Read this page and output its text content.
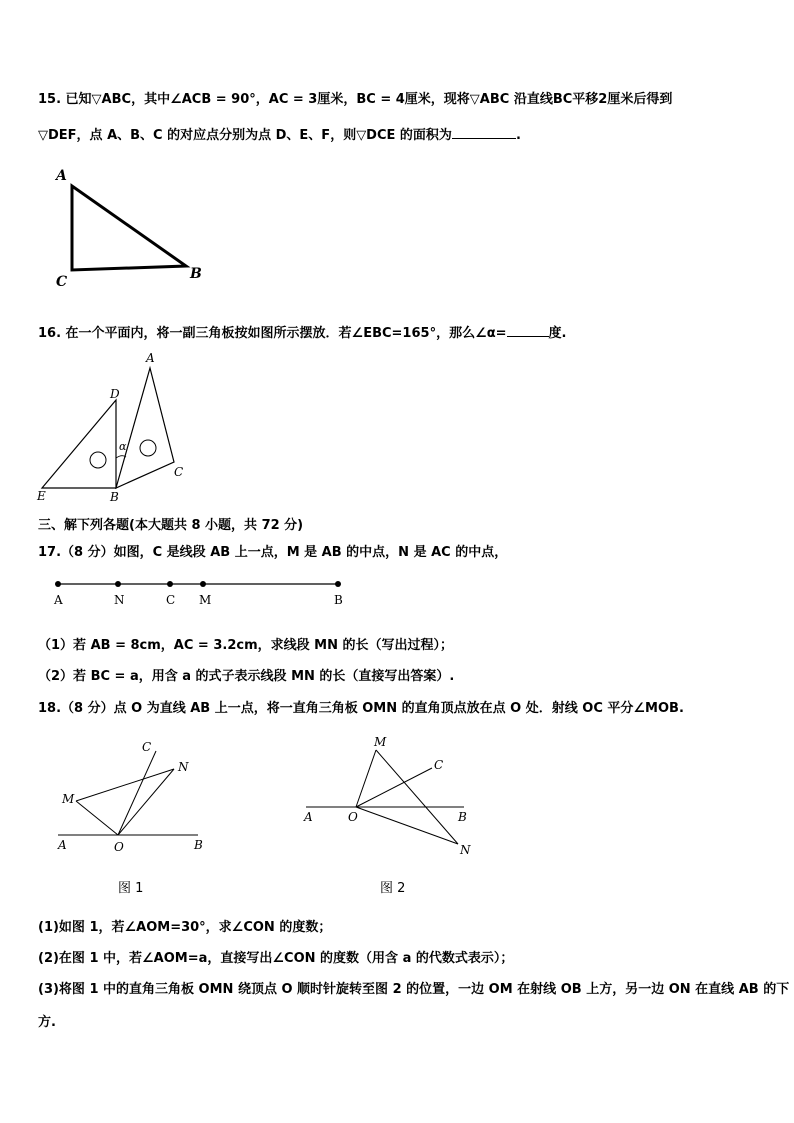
15. 已知▽ABC，其中∠ACB = 90°，AC = 3厘米，BC = 4厘米，现将▽ABC 沿直线BC平移2厘米后得到
▽DEF，点 A、B、C 的对应点分别为点 D、E、F，则▽DCE 的面积为	.
A
C	B
16. 在一个平面内，将一副三角板按如图所示摆放．若∠EBC=165°，那么∠α=	度.
A
D
α
C
E	B
三、解下列各题(本大题共 8 小题，共 72 分)
17.（8 分）如图，C 是线段 AB 上一点，M 是 AB 的中点，N 是 AC 的中点，
A	N	C M	B
（1）若 AB = 8cm，AC = 3.2cm，求线段 MN 的长（写出过程）；
（2）若 BC = a，用含 a 的式子表示线段 MN 的长（直接写出答案）.
18.（8 分）点 O 为直线 AB 上一点，将一直角三角板 OMN 的直角顶点放在点 O 处．射线 OC 平分∠MOB.
C
N
M
A	O	B
图 1
M
C
A	O	B
N
图 2
(1)如图 1，若∠AOM=30°，求∠CON 的度数；
(2)在图 1 中，若∠AOM=a，直接写出∠CON 的度数（用含 a 的代数式表示）；
(3)将图 1 中的直角三角板 OMN 绕顶点 O 顺时针旋转至图 2 的位置，一边 OM 在射线 OB 上方，另一边 ON 在直线 AB 的下
方.
